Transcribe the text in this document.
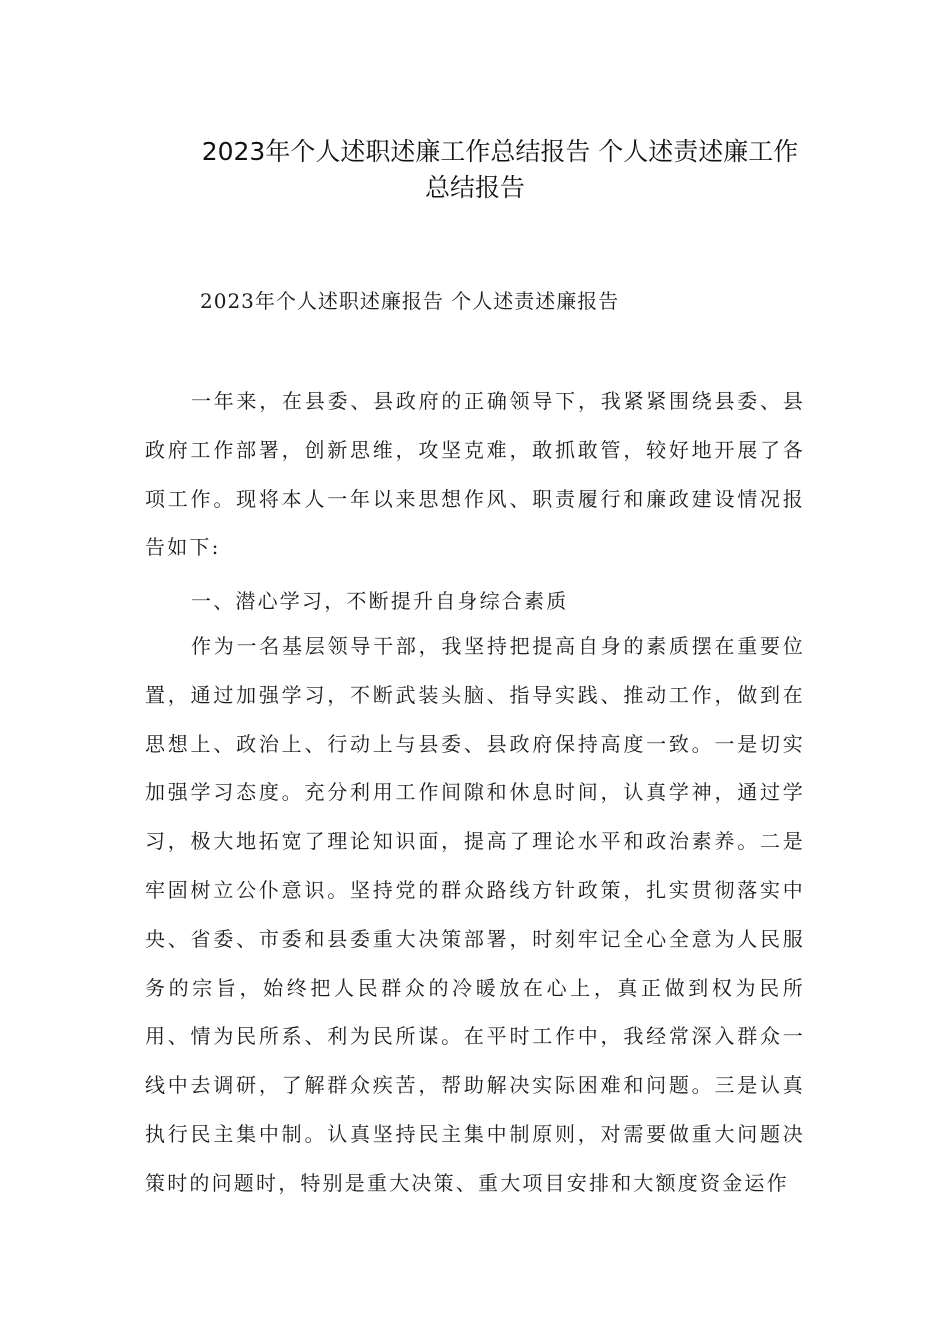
2023年个人述职述廉工作总结报告 个人述责述廉工作
总结报告

2023年个人述职述廉报告 个人述责述廉报告

一年来，在县委、县政府的正确领导下，我紧紧围绕县委、县政府工作部署，创新思维，攻坚克难，敢抓敢管，较好地开展了各项工作。现将本人一年以来思想作风、职责履行和廉政建设情况报告如下:

一、潜心学习，不断提升自身综合素质

作为一名基层领导干部，我坚持把提高自身的素质摆在重要位置，通过加强学习，不断武装头脑、指导实践、推动工作，做到在思想上、政治上、行动上与县委、县政府保持高度一致。一是切实加强学习态度。充分利用工作间隙和休息时间，认真学神，通过学习，极大地拓宽了理论知识面，提高了理论水平和政治素养。二是牢固树立公仆意识。坚持党的群众路线方针政策，扎实贯彻落实中央、省委、市委和县委重大决策部署，时刻牢记全心全意为人民服务的宗旨，始终把人民群众的冷暖放在心上，真正做到权为民所用、情为民所系、利为民所谋。在平时工作中，我经常深入群众一线中去调研，了解群众疾苦，帮助解决实际困难和问题。三是认真执行民主集中制。认真坚持民主集中制原则，对需要做重大问题决策时的问题时，特别是重大决策、重大项目安排和大额度资金运作
